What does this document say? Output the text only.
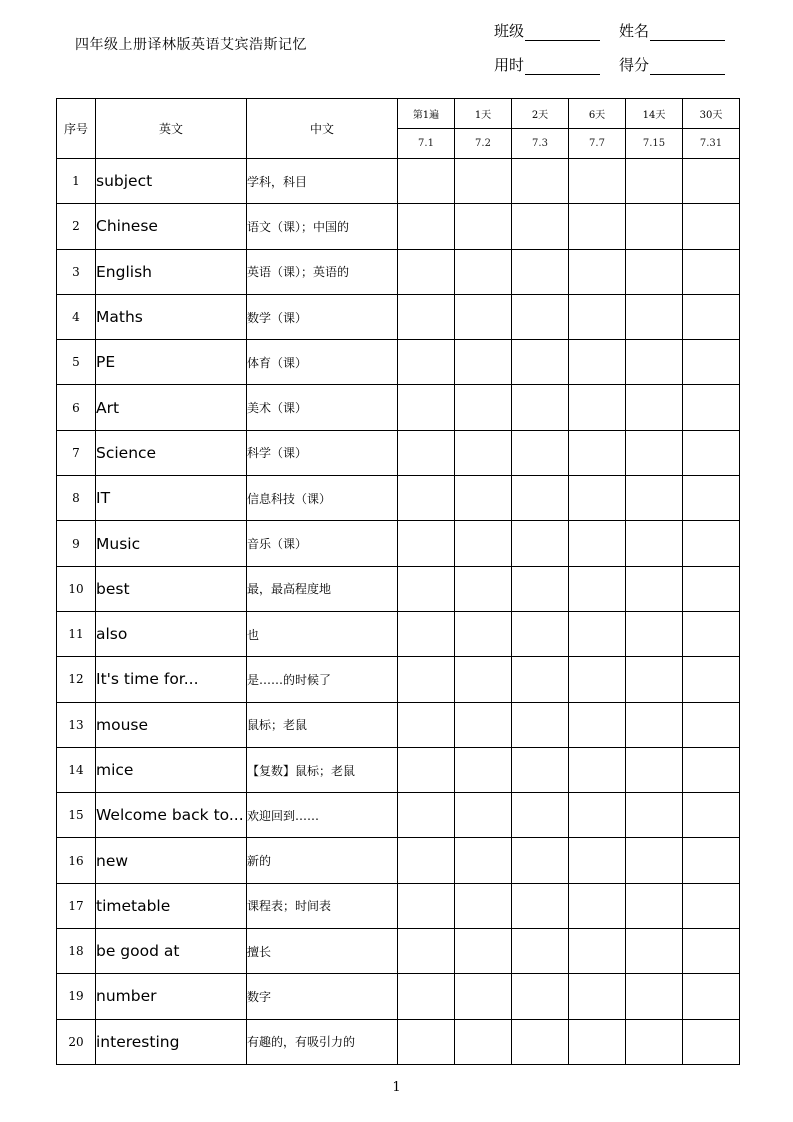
四年级上册译林版英语艾宾浩斯记忆
班级	姓名
用时	得分
序号	英文	中文	第1遍	1天	2天	6天	14天	30天
			7.1	7.2	7.3	7.7	7.15	7.31
1	subject	学科，科目						
2	Chinese	语文（课）；中国的						
3	English	英语（课）；英语的						
4	Maths	数学（课）						
5	PE	体育（课）						
6	Art	美术（课）						
7	Science	科学（课）						
8	IT	信息科技（课）						
9	Music	音乐（课）						
10	best	最，最高程度地						
11	also	也						
12	It's time for...	是……的时候了						
13	mouse	鼠标；老鼠						
14	mice	【复数】鼠标；老鼠						
15	Welcome back to...	欢迎回到……						
16	new	新的						
17	timetable	课程表；时间表						
18	be good at	擅长						
19	number	数字						
20	interesting	有趣的，有吸引力的						
1
